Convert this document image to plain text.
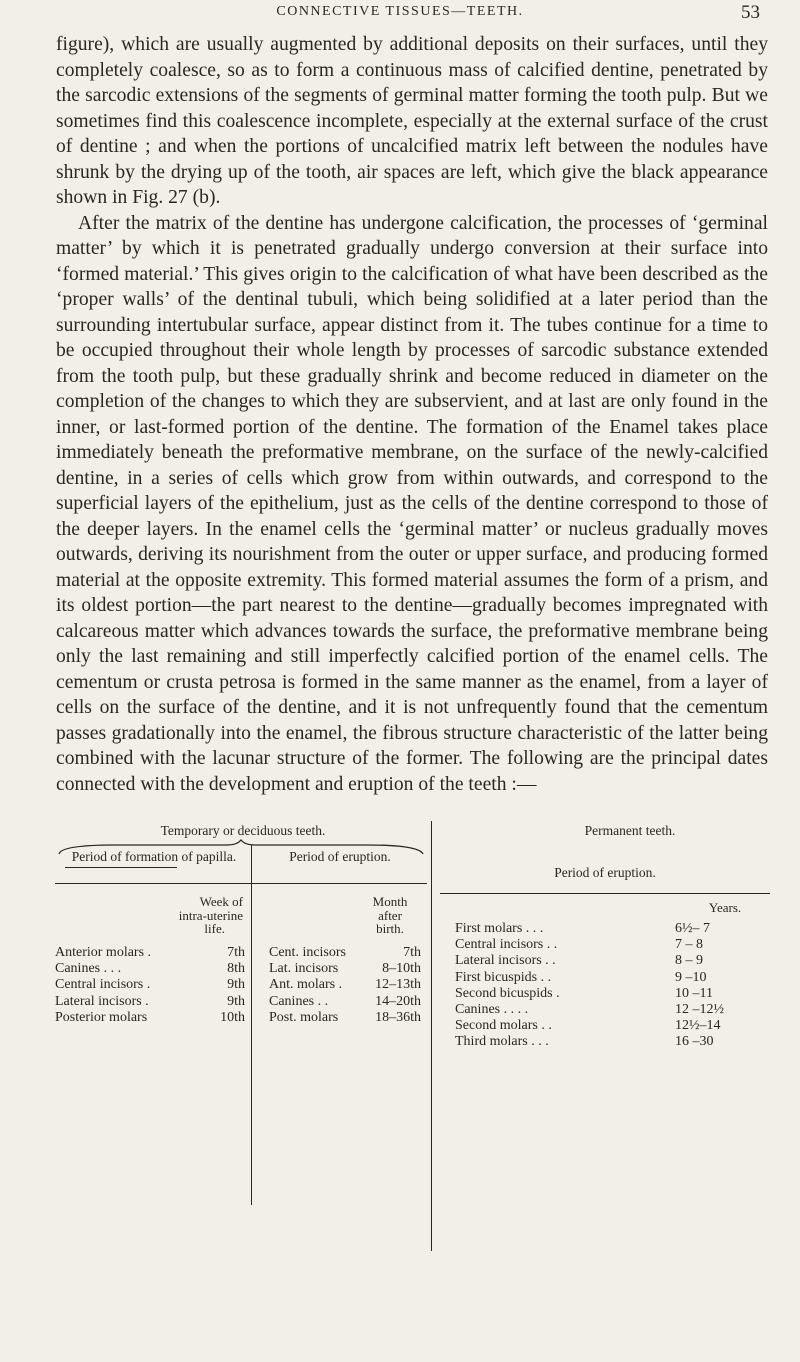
CONNECTIVE TISSUES—TEETH.	53

figure), which are usually augmented by additional deposits on their surfaces, until they completely coalesce, so as to form a continuous mass of calcified dentine, penetrated by the sarcodic extensions of the segments of germinal matter forming the tooth pulp. But we sometimes find this coalescence incomplete, especially at the external surface of the crust of dentine ; and when the portions of uncalcified matrix left between the nodules have shrunk by the drying up of the tooth, air spaces are left, which give the black appearance shown in Fig. 27 (b).

After the matrix of the dentine has undergone calcification, the processes of ‘germinal matter’ by which it is penetrated gradually undergo conversion at their surface into ‘formed material.’ This gives origin to the calcification of what have been described as the ‘proper walls’ of the dentinal tubuli, which being solidified at a later period than the surrounding intertubular surface, appear distinct from it. The tubes continue for a time to be occupied throughout their whole length by processes of sarcodic substance extended from the tooth pulp, but these gradually shrink and become reduced in diameter on the completion of the changes to which they are subservient, and at last are only found in the inner, or last-formed portion of the dentine. The formation of the Enamel takes place immediately beneath the preformative membrane, on the surface of the newly-calcified dentine, in a series of cells which grow from within outwards, and correspond to the superficial layers of the epithelium, just as the cells of the dentine correspond to those of the deeper layers. In the enamel cells the ‘germinal matter’ or nucleus gradually moves outwards, deriving its nourishment from the outer or upper surface, and producing formed material at the opposite extremity. This formed material assumes the form of a prism, and its oldest portion—the part nearest to the dentine—gradually becomes impregnated with calcareous matter which advances towards the surface, the preformative membrane being only the last remaining and still imperfectly calcified portion of the enamel cells. The cementum or crusta petrosa is formed in the same manner as the enamel, from a layer of cells on the surface of the dentine, and it is not unfrequently found that the cementum passes gradationally into the enamel, the fibrous structure characteristic of the latter being combined with the lacunar structure of the former. The following are the principal dates connected with the development and eruption of the teeth :—

Temporary or deciduous teeth.	Permanent teeth.
Period of formation of papilla.	Period of eruption.
Period of eruption.
Week of
intra-uterine
life.
Month
after
birth.
Years.
Anterior molars .	7th
Canines . . .	8th
Central incisors .	9th
Lateral incisors .	9th
Posterior molars	10th
Cent. incisors	7th
Lat. incisors	8–10th
Ant. molars .	12–13th
Canines . .	14–20th
Post. molars	18–36th
First molars . . .	6½– 7
Central incisors . .	7 – 8
Lateral incisors . .	8 – 9
First bicuspids . .	9 –10
Second bicuspids .	10 –11
Canines . . . .	12 –12½
Second molars . .	12½–14
Third molars . . .	16 –30
